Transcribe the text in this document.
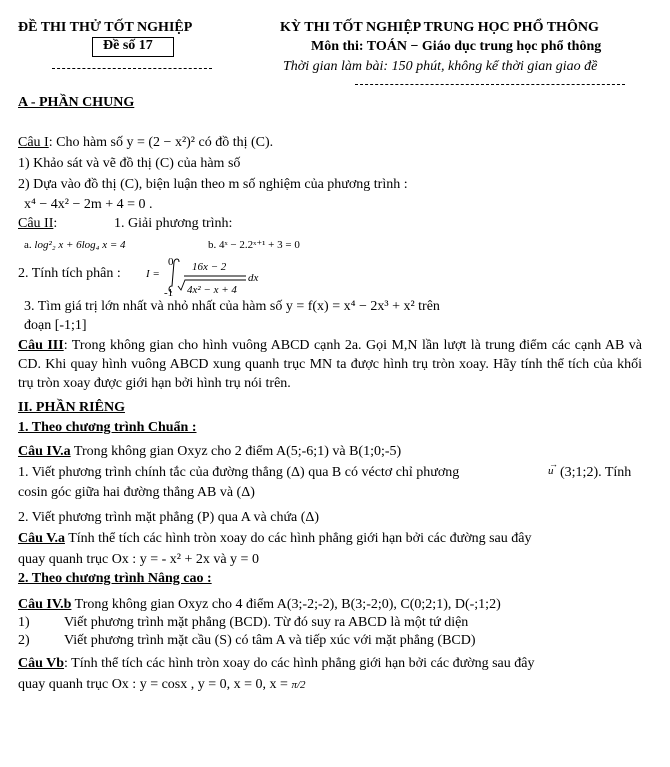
ĐỀ THI THỬ TỐT NGHIỆP
Đề số 17
KỲ THI TỐT NGHIỆP TRUNG HỌC PHỔ THÔNG
Môn thi: TOÁN − Giáo dục trung học phổ thông
Thời gian làm bài: 150 phút, không kể thời gian giao đề
A - PHẦN CHUNG
Câu I: Cho hàm số y = (2 − x²)² có đồ thị (C).
1) Khảo sát và vẽ đồ thị (C) của hàm số
2) Dựa vào đồ thị (C), biện luận theo m số nghiệm của phương trình :
x⁴ − 4x² − 2m + 4 = 0 .
Câu II:	1. Giải phương trình:
a. log²₂ x + 6log₄ x = 4	b. 4ˣ − 2.2ˣ⁺¹ + 3 = 0
2. Tính tích phân : I =
0
-1
16x − 2
4x² − x + 4
dx
3. Tìm giá trị lớn nhất và nhỏ nhất của hàm số y = f(x) = x⁴ − 2x³ + x² trên
đoạn [-1;1]
Câu III: Trong không gian cho hình vuông ABCD cạnh 2a. Gọi M,N lần lượt là trung điểm các cạnh AB và CD. Khi quay hình vuông ABCD xung quanh trục MN ta được hình trụ tròn xoay. Hãy tính thể tích của khối trụ tròn xoay được giới hạn bởi hình trụ nói trên.
II. PHẦN RIÊNG
1. Theo chương trình Chuẩn :
Câu IV.a Trong không gian Oxyz cho 2 điểm A(5;-6;1) và B(1;0;-5)
1. Viết phương trình chính tắc của đường thẳng (Δ) qua B có véctơ chỉ phương
→
u (3;1;2). Tính
cosin góc giữa hai đường thẳng AB và (Δ)
2. Viết phương trình mặt phẳng (P) qua A và chứa (Δ)
Câu V.a Tính thể tích các hình tròn xoay do các hình phẳng giới hạn bởi các đường sau đây
quay quanh trục Ox : y = - x² + 2x và y = 0
2. Theo chương trình Nâng cao :
Câu IV.b Trong không gian Oxyz cho 4 điểm A(3;-2;-2), B(3;-2;0), C(0;2;1), D(-;1;2)
1) Viết phương trình mặt phẳng (BCD). Từ đó suy ra ABCD là một tứ diện
2) Viết phương trình mặt cầu (S) có tâm A và tiếp xúc với mặt phẳng (BCD)
Câu Vb: Tính thể tích các hình tròn xoay do các hình phẳng giới hạn bởi các đường sau đây
quay quanh trục Ox : y = cosx , y = 0, x = 0, x = π/2
